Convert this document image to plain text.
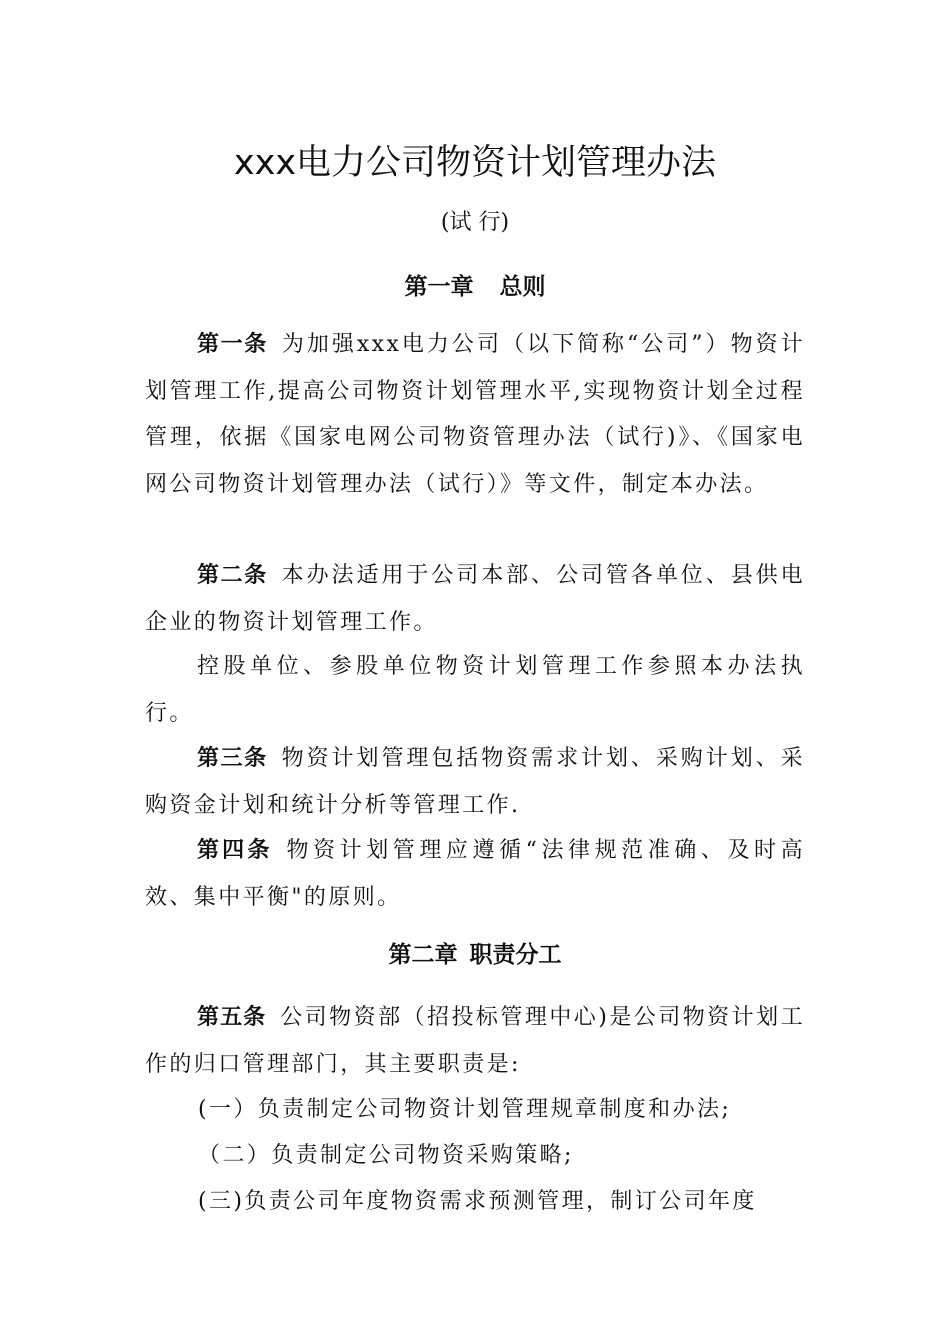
xxx电力公司物资计划管理办法
(试 行)
第一章 总则

第一条 为加强xxx电力公司（以下简称“公司”）物资计划管理工作,提高公司物资计划管理水平,实现物资计划全过程管理，依据《国家电网公司物资管理办法（试行)》、《国家电网公司物资计划管理办法（试行）》等文件，制定本办法。

第二条 本办法适用于公司本部、公司管各单位、县供电企业的物资计划管理工作。

控股单位、参股单位物资计划管理工作参照本办法执行。

第三条 物资计划管理包括物资需求计划、采购计划、采购资金计划和统计分析等管理工作.

第四条 物资计划管理应遵循“法律规范准确、及时高效、集中平衡"的原则。

第二章 职责分工

第五条 公司物资部（招投标管理中心)是公司物资计划工作的归口管理部门，其主要职责是:

(一）负责制定公司物资计划管理规章制度和办法;

（二）负责制定公司物资采购策略;

(三)负责公司年度物资需求预测管理，制订公司年度
